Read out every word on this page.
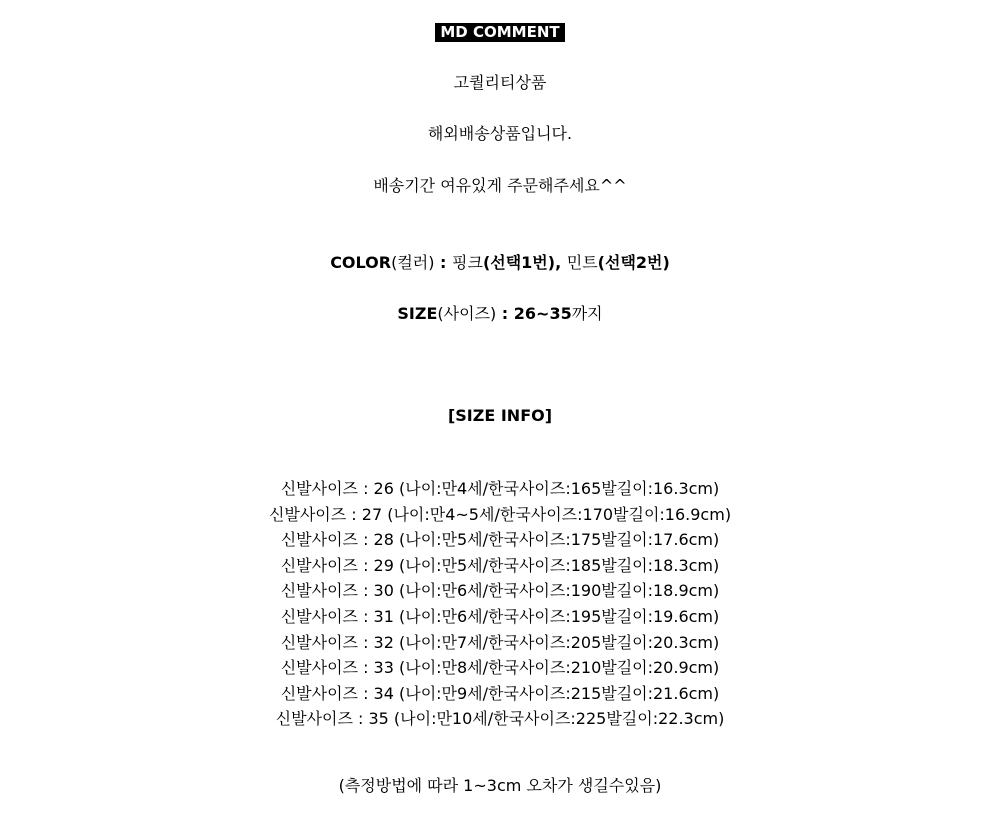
MD COMMENT
고퀄리티상품
해외배송상품입니다.
배송기간 여유있게 주문해주세요^^
COLOR(컬러) : 핑크(선택1번), 민트(선택2번)
SIZE(사이즈) : 26~35까지
[SIZE INFO]
신발사이즈 : 26 (나이:만4세/한국사이즈:165발길이:16.3cm)
신발사이즈 : 27 (나이:만4~5세/한국사이즈:170발길이:16.9cm)
신발사이즈 : 28 (나이:만5세/한국사이즈:175발길이:17.6cm)
신발사이즈 : 29 (나이:만5세/한국사이즈:185발길이:18.3cm)
신발사이즈 : 30 (나이:만6세/한국사이즈:190발길이:18.9cm)
신발사이즈 : 31 (나이:만6세/한국사이즈:195발길이:19.6cm)
신발사이즈 : 32 (나이:만7세/한국사이즈:205발길이:20.3cm)
신발사이즈 : 33 (나이:만8세/한국사이즈:210발길이:20.9cm)
신발사이즈 : 34 (나이:만9세/한국사이즈:215발길이:21.6cm)
신발사이즈 : 35 (나이:만10세/한국사이즈:225발길이:22.3cm)
(측정방법에 따라 1~3cm 오차가 생길수있음)
